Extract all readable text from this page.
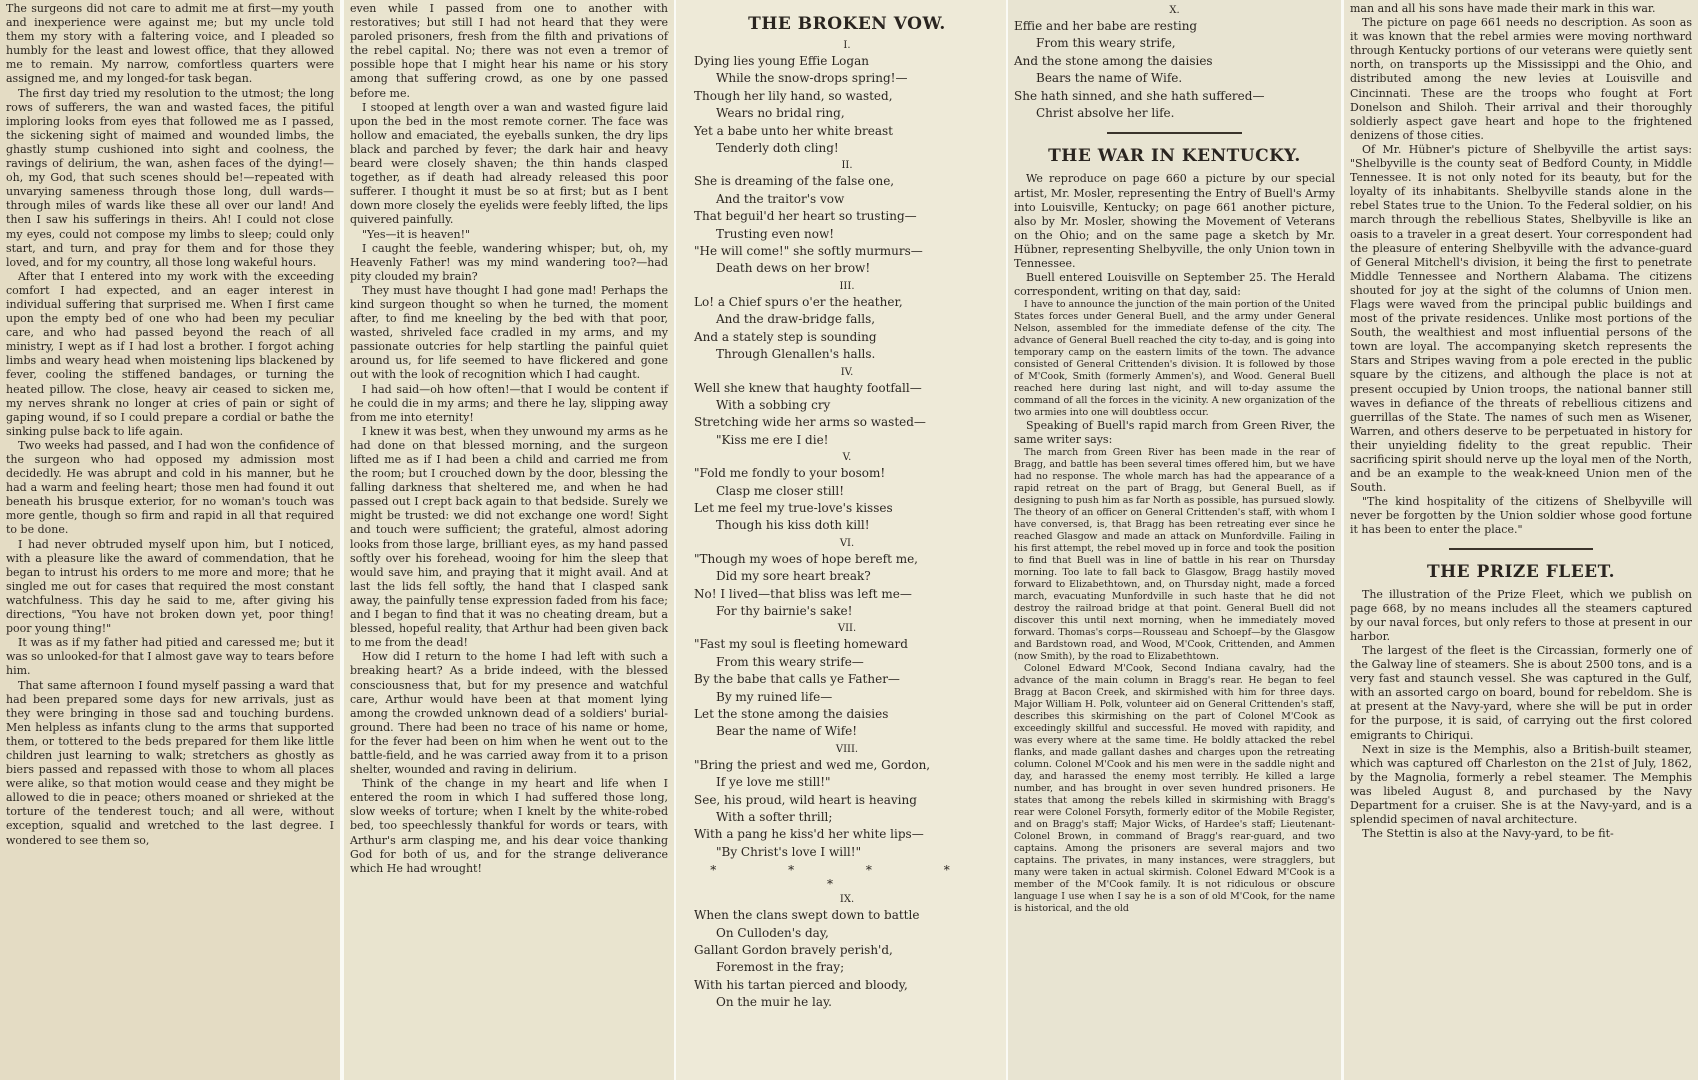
The surgeons did not care to admit me at first—my youth and inexperience were against me; but my uncle told them my story with a faltering voice, and I pleaded so humbly for the least and lowest office, that they allowed me to remain. My narrow, comfortless quarters were assigned me, and my longed-for task began.

The first day tried my resolution to the utmost; the long rows of sufferers, the wan and wasted faces, the pitiful imploring looks from eyes that followed me as I passed, the sickening sight of maimed and wounded limbs, the ghastly stump cushioned into sight and coolness, the ravings of delirium, the wan, ashen faces of the dying!—oh, my God, that such scenes should be!—repeated with unvarying sameness through those long, dull wards—through miles of wards like these all over our land! And then I saw his sufferings in theirs. Ah! I could not close my eyes, could not compose my limbs to sleep; could only start, and turn, and pray for them and for those they loved, and for my country, all those long wakeful hours.

After that I entered into my work with the exceeding comfort I had expected, and an eager interest in individual suffering that surprised me. When I first came upon the empty bed of one who had been my peculiar care, and who had passed beyond the reach of all ministry, I wept as if I had lost a brother. I forgot aching limbs and weary head when moistening lips blackened by fever, cooling the stiffened bandages, or turning the heated pillow. The close, heavy air ceased to sicken me, my nerves shrank no longer at cries of pain or sight of gaping wound, if so I could prepare a cordial or bathe the sinking pulse back to life again.

Two weeks had passed, and I had won the confidence of the surgeon who had opposed my admission most decidedly. He was abrupt and cold in his manner, but he had a warm and feeling heart; those men had found it out beneath his brusque exterior, for no woman's touch was more gentle, though so firm and rapid in all that required to be done.

I had never obtruded myself upon him, but I noticed, with a pleasure like the award of commendation, that he began to intrust his orders to me more and more; that he singled me out for cases that required the most constant watchfulness. This day he said to me, after giving his directions, "You have not broken down yet, poor thing! poor young thing!"

It was as if my father had pitied and caressed me; but it was so unlooked-for that I almost gave way to tears before him.

That same afternoon I found myself passing a ward that had been prepared some days for new arrivals, just as they were bringing in those sad and touching burdens. Men helpless as infants clung to the arms that supported them, or tottered to the beds prepared for them like little children just learning to walk; stretchers as ghostly as biers passed and repassed with those to whom all places were alike, so that motion would cease and they might be allowed to die in peace; others moaned or shrieked at the torture of the tenderest touch; and all were, without exception, squalid and wretched to the last degree. I wondered to see them so,

even while I passed from one to another with restoratives; but still I had not heard that they were paroled prisoners, fresh from the filth and privations of the rebel capital. No; there was not even a tremor of possible hope that I might hear his name or his story among that suffering crowd, as one by one passed before me.

I stooped at length over a wan and wasted figure laid upon the bed in the most remote corner. The face was hollow and emaciated, the eyeballs sunken, the dry lips black and parched by fever; the dark hair and heavy beard were closely shaven; the thin hands clasped together, as if death had already released this poor sufferer. I thought it must be so at first; but as I bent down more closely the eyelids were feebly lifted, the lips quivered painfully.

"Yes—it is heaven!"

I caught the feeble, wandering whisper; but, oh, my Heavenly Father! was my mind wandering too?—had pity clouded my brain?

They must have thought I had gone mad! Perhaps the kind surgeon thought so when he turned, the moment after, to find me kneeling by the bed with that poor, wasted, shriveled face cradled in my arms, and my passionate outcries for help startling the painful quiet around us, for life seemed to have flickered and gone out with the look of recognition which I had caught.

I had said—oh how often!—that I would be content if he could die in my arms; and there he lay, slipping away from me into eternity!

I knew it was best, when they unwound my arms as he had done on that blessed morning, and the surgeon lifted me as if I had been a child and carried me from the room; but I crouched down by the door, blessing the falling darkness that sheltered me, and when he had passed out I crept back again to that bedside. Surely we might be trusted: we did not exchange one word! Sight and touch were sufficient; the grateful, almost adoring looks from those large, brilliant eyes, as my hand passed softly over his forehead, wooing for him the sleep that would save him, and praying that it might avail. And at last the lids fell softly, the hand that I clasped sank away, the painfully tense expression faded from his face; and I began to find that it was no cheating dream, but a blessed, hopeful reality, that Arthur had been given back to me from the dead!

How did I return to the home I had left with such a breaking heart? As a bride indeed, with the blessed consciousness that, but for my presence and watchful care, Arthur would have been at that moment lying among the crowded unknown dead of a soldiers' burial-ground. There had been no trace of his name or home, for the fever had been on him when he went out to the battle-field, and he was carried away from it to a prison shelter, wounded and raving in delirium.

Think of the change in my heart and life when I entered the room in which I had suffered those long, slow weeks of torture; when I knelt by the white-robed bed, too speechlessly thankful for words or tears, with Arthur's arm clasping me, and his dear voice thanking God for both of us, and for the strange deliverance which He had wrought!

THE BROKEN VOW.
I.
Dying lies young Effie Logan
While the snow-drops spring!—
Though her lily hand, so wasted,
Wears no bridal ring,
Yet a babe unto her white breast
Tenderly doth cling!
II.
She is dreaming of the false one,
And the traitor's vow
That beguil'd her heart so trusting—
Trusting even now!
"He will come!" she softly murmurs—
Death dews on her brow!
III.
Lo! a Chief spurs o'er the heather,
And the draw-bridge falls,
And a stately step is sounding
Through Glenallen's halls.
IV.
Well she knew that haughty footfall—
With a sobbing cry
Stretching wide her arms so wasted—
"Kiss me ere I die!
V.
"Fold me fondly to your bosom!
Clasp me closer still!
Let me feel my true-love's kisses
Though his kiss doth kill!
VI.
"Though my woes of hope bereft me,
Did my sore heart break?
No! I lived—that bliss was left me—
For thy bairnie's sake!
VII.
"Fast my soul is fleeting homeward
From this weary strife—
By the babe that calls ye Father—
By my ruined life—
Let the stone among the daisies
Bear the name of Wife!
VIII.
"Bring the priest and wed me, Gordon,
If ye love me still!"
See, his proud, wild heart is heaving
With a softer thrill;
With a pang he kiss'd her white lips—
"By Christ's love I will!"
* * * * *
IX.
When the clans swept down to battle
On Culloden's day,
Gallant Gordon bravely perish'd,
Foremost in the fray;
With his tartan pierced and bloody,
On the muir he lay.
X.
Effie and her babe are resting
From this weary strife,
And the stone among the daisies
Bears the name of Wife.
She hath sinned, and she hath suffered—
Christ absolve her life.
THE WAR IN KENTUCKY.

We reproduce on page 660 a picture by our special artist, Mr. Mosler, representing the Entry of Buell's Army into Louisville, Kentucky; on page 661 another picture, also by Mr. Mosler, showing the Movement of Veterans on the Ohio; and on the same page a sketch by Mr. Hübner, representing Shelbyville, the only Union town in Tennessee.

Buell entered Louisville on September 25. The Herald correspondent, writing on that day, said:

I have to announce the junction of the main portion of the United States forces under General Buell, and the army under General Nelson, assembled for the immediate defense of the city. The advance of General Buell reached the city to-day, and is going into temporary camp on the eastern limits of the town. The advance consisted of General Crittenden's division. It is followed by those of M'Cook, Smith (formerly Ammen's), and Wood. General Buell reached here during last night, and will to-day assume the command of all the forces in the vicinity. A new organization of the two armies into one will doubtless occur.

Speaking of Buell's rapid march from Green River, the same writer says:

The march from Green River has been made in the rear of Bragg, and battle has been several times offered him, but we have had no response. The whole march has had the appearance of a rapid retreat on the part of Bragg, but General Buell, as if designing to push him as far North as possible, has pursued slowly. The theory of an officer on General Crittenden's staff, with whom I have conversed, is, that Bragg has been retreating ever since he reached Glasgow and made an attack on Munfordville. Failing in his first attempt, the rebel moved up in force and took the position to find that Buell was in line of battle in his rear on Thursday morning. Too late to fall back to Glasgow, Bragg hastily moved forward to Elizabethtown, and, on Thursday night, made a forced march, evacuating Munfordville in such haste that he did not destroy the railroad bridge at that point. General Buell did not discover this until next morning, when he immediately moved forward. Thomas's corps—Rousseau and Schoepf—by the Glasgow and Bardstown road, and Wood, M'Cook, Crittenden, and Ammen (now Smith), by the road to Elizabethtown.

Colonel Edward M'Cook, Second Indiana cavalry, had the advance of the main column in Bragg's rear. He began to feel Bragg at Bacon Creek, and skirmished with him for three days. Major William H. Polk, volunteer aid on General Crittenden's staff, describes this skirmishing on the part of Colonel M'Cook as exceedingly skillful and successful. He moved with rapidity, and was every where at the same time. He boldly attacked the rebel flanks, and made gallant dashes and charges upon the retreating column. Colonel M'Cook and his men were in the saddle night and day, and harassed the enemy most terribly. He killed a large number, and has brought in over seven hundred prisoners. He states that among the rebels killed in skirmishing with Bragg's rear were Colonel Forsyth, formerly editor of the Mobile Register, and on Bragg's staff; Major Wicks, of Hardee's staff; Lieutenant-Colonel Brown, in command of Bragg's rear-guard, and two captains. Among the prisoners are several majors and two captains. The privates, in many instances, were stragglers, but many were taken in actual skirmish. Colonel Edward M'Cook is a member of the M'Cook family. It is not ridiculous or obscure language I use when I say he is a son of old M'Cook, for the name is historical, and the old

man and all his sons have made their mark in this war.

The picture on page 661 needs no description. As soon as it was known that the rebel armies were moving northward through Kentucky portions of our veterans were quietly sent north, on transports up the Mississippi and the Ohio, and distributed among the new levies at Louisville and Cincinnati. These are the troops who fought at Fort Donelson and Shiloh. Their arrival and their thoroughly soldierly aspect gave heart and hope to the frightened denizens of those cities.

Of Mr. Hübner's picture of Shelbyville the artist says: "Shelbyville is the county seat of Bedford County, in Middle Tennessee. It is not only noted for its beauty, but for the loyalty of its inhabitants. Shelbyville stands alone in the rebel States true to the Union. To the Federal soldier, on his march through the rebellious States, Shelbyville is like an oasis to a traveler in a great desert. Your correspondent had the pleasure of entering Shelbyville with the advance-guard of General Mitchell's division, it being the first to penetrate Middle Tennessee and Northern Alabama. The citizens shouted for joy at the sight of the columns of Union men. Flags were waved from the principal public buildings and most of the private residences. Unlike most portions of the South, the wealthiest and most influential persons of the town are loyal. The accompanying sketch represents the Stars and Stripes waving from a pole erected in the public square by the citizens, and although the place is not at present occupied by Union troops, the national banner still waves in defiance of the threats of rebellious citizens and guerrillas of the State. The names of such men as Wisener, Warren, and others deserve to be perpetuated in history for their unyielding fidelity to the great republic. Their sacrificing spirit should nerve up the loyal men of the North, and be an example to the weak-kneed Union men of the South.

"The kind hospitality of the citizens of Shelbyville will never be forgotten by the Union soldier whose good fortune it has been to enter the place."

THE PRIZE FLEET.

The illustration of the Prize Fleet, which we publish on page 668, by no means includes all the steamers captured by our naval forces, but only refers to those at present in our harbor.

The largest of the fleet is the Circassian, formerly one of the Galway line of steamers. She is about 2500 tons, and is a very fast and staunch vessel. She was captured in the Gulf, with an assorted cargo on board, bound for rebeldom. She is at present at the Navy-yard, where she will be put in order for the purpose, it is said, of carrying out the first colored emigrants to Chiriqui.

Next in size is the Memphis, also a British-built steamer, which was captured off Charleston on the 21st of July, 1862, by the Magnolia, formerly a rebel steamer. The Memphis was libeled August 8, and purchased by the Navy Department for a cruiser. She is at the Navy-yard, and is a splendid specimen of naval architecture.

The Stettin is also at the Navy-yard, to be fit-
